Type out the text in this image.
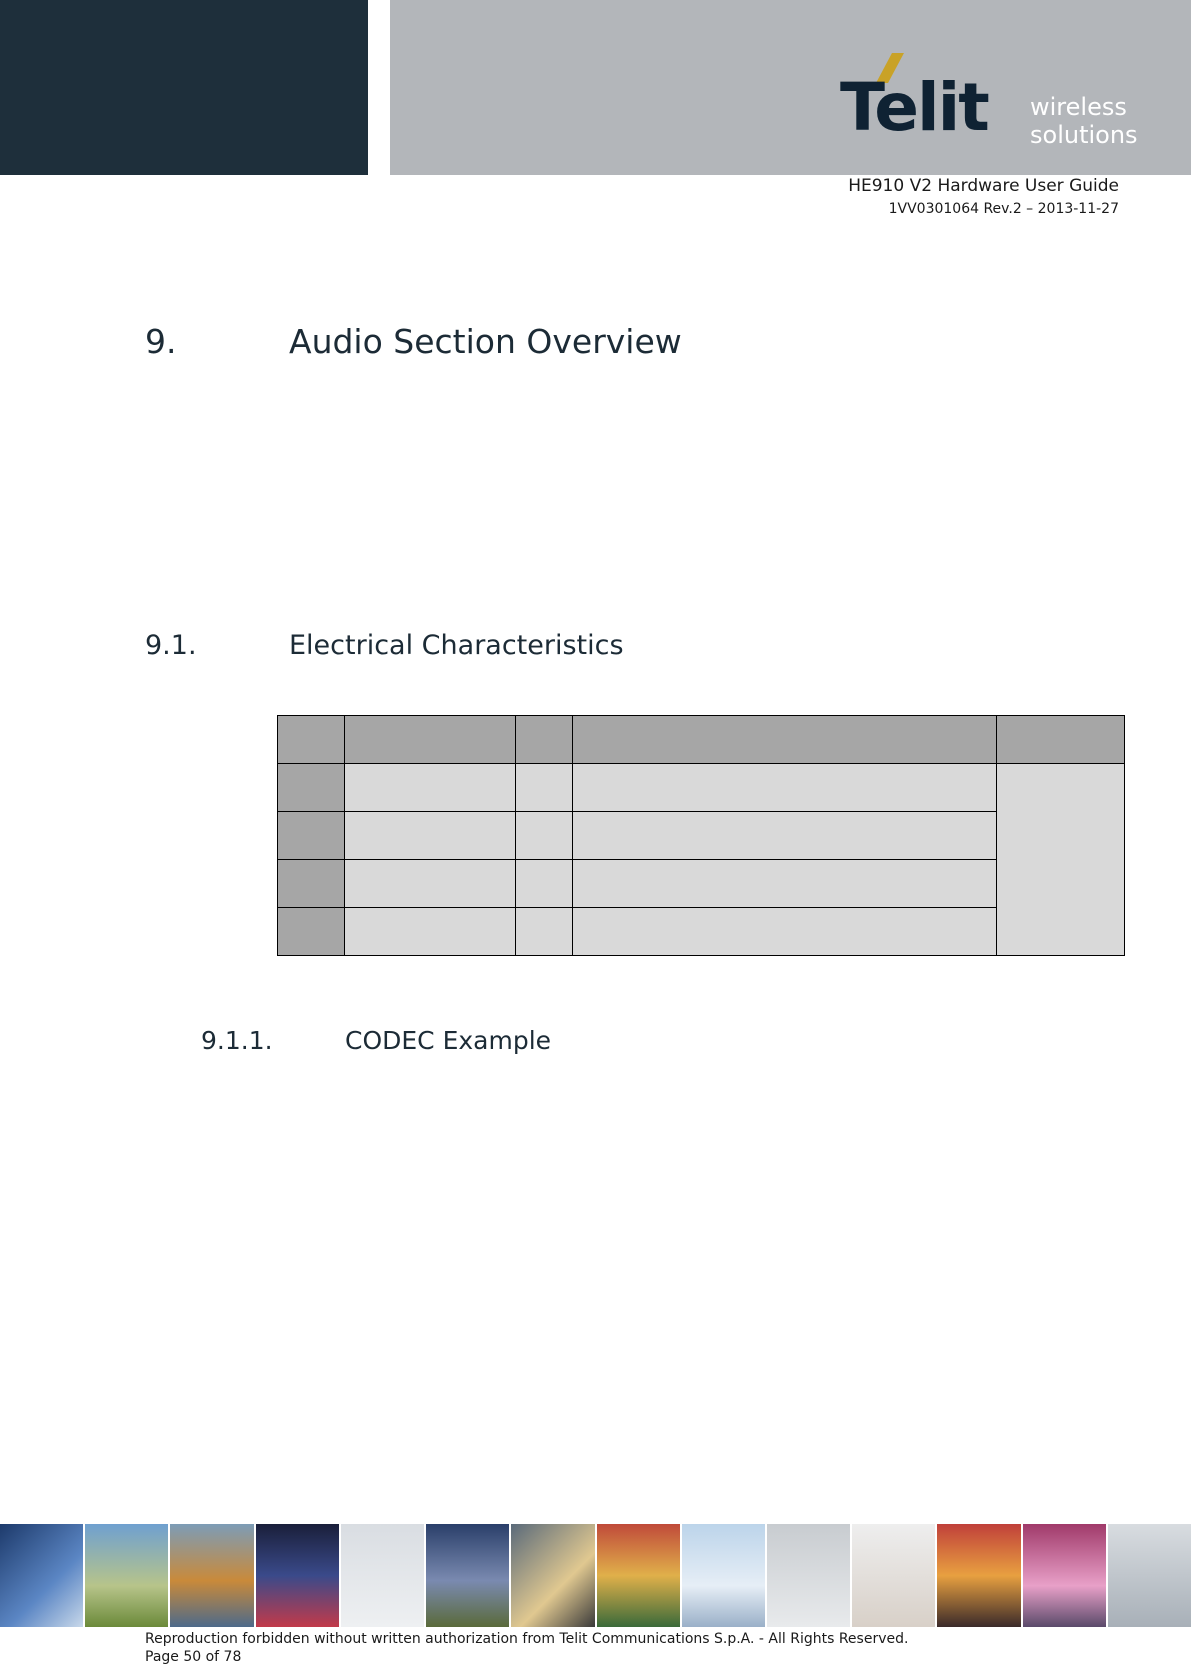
Telit wireless
solutions
HE910 V2 Hardware User Guide
1VV0301064 Rev.2 – 2013-11-27
9.	Audio Section Overview
9.1.	Electrical Characteristics

9.1.1.	CODEC Example
Reproduction forbidden without written authorization from Telit Communications S.p.A. - All Rights Reserved.
Page 50 of 78
